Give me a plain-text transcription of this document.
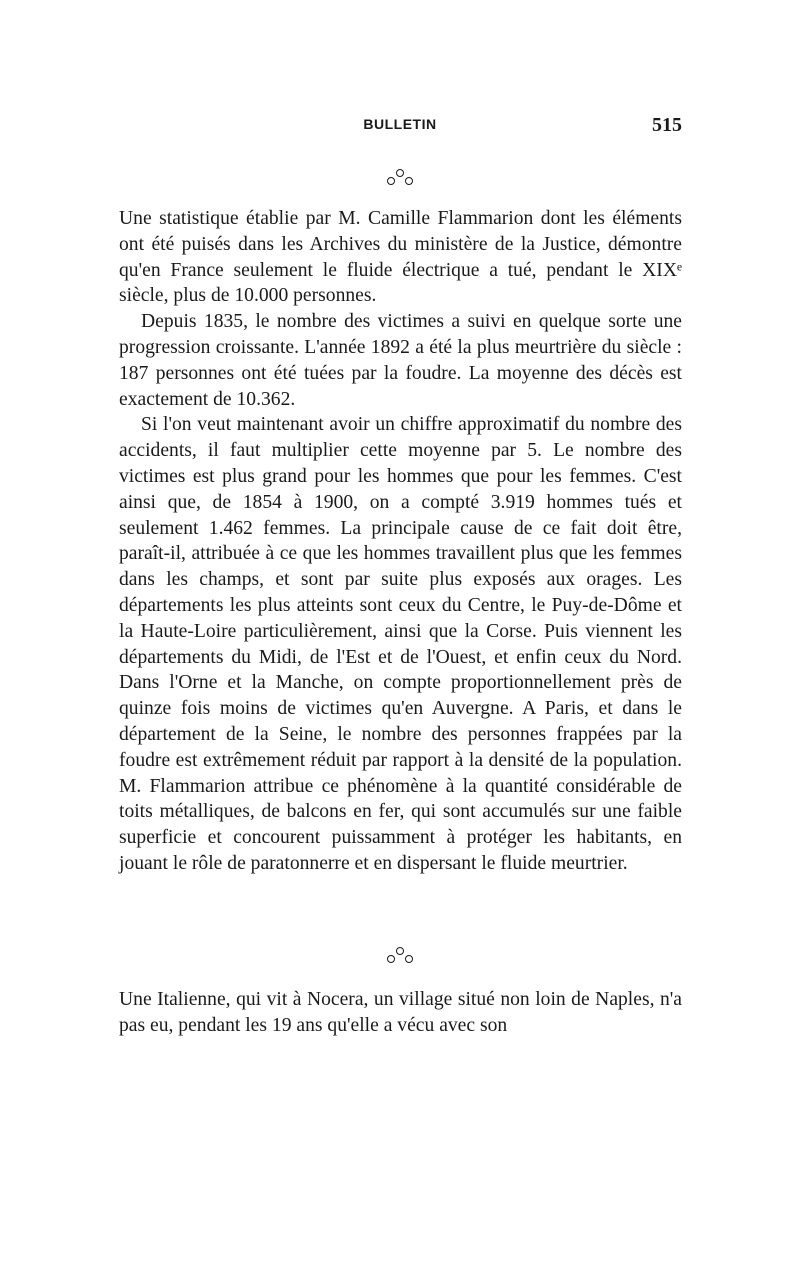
BULLETIN	515

Une statistique établie par M. Camille Flammarion dont les éléments ont été puisés dans les Archives du ministère de la Justice, démontre qu'en France seulement le fluide électrique a tué, pendant le XIXᵉ siècle, plus de 10.000 personnes.

Depuis 1835, le nombre des victimes a suivi en quelque sorte une progression croissante. L'année 1892 a été la plus meurtrière du siècle : 187 personnes ont été tuées par la foudre. La moyenne des décès est exactement de 10.362.

Si l'on veut maintenant avoir un chiffre approximatif du nombre des accidents, il faut multiplier cette moyenne par 5. Le nombre des victimes est plus grand pour les hommes que pour les femmes. C'est ainsi que, de 1854 à 1900, on a compté 3.919 hommes tués et seulement 1.462 femmes. La principale cause de ce fait doit être, paraît-il, attribuée à ce que les hommes travaillent plus que les femmes dans les champs, et sont par suite plus exposés aux orages. Les départements les plus atteints sont ceux du Centre, le Puy-de-Dôme et la Haute-Loire particulièrement, ainsi que la Corse. Puis viennent les départements du Midi, de l'Est et de l'Ouest, et enfin ceux du Nord. Dans l'Orne et la Manche, on compte proportionnellement près de quinze fois moins de victimes qu'en Auvergne. A Paris, et dans le département de la Seine, le nombre des personnes frappées par la foudre est extrêmement réduit par rapport à la densité de la population. M. Flammarion attribue ce phénomène à la quantité considérable de toits métalliques, de balcons en fer, qui sont accumulés sur une faible superficie et concourent puissamment à protéger les habitants, en jouant le rôle de paratonnerre et en dispersant le fluide meurtrier.

Une Italienne, qui vit à Nocera, un village situé non loin de Naples, n'a pas eu, pendant les 19 ans qu'elle a vécu avec son
